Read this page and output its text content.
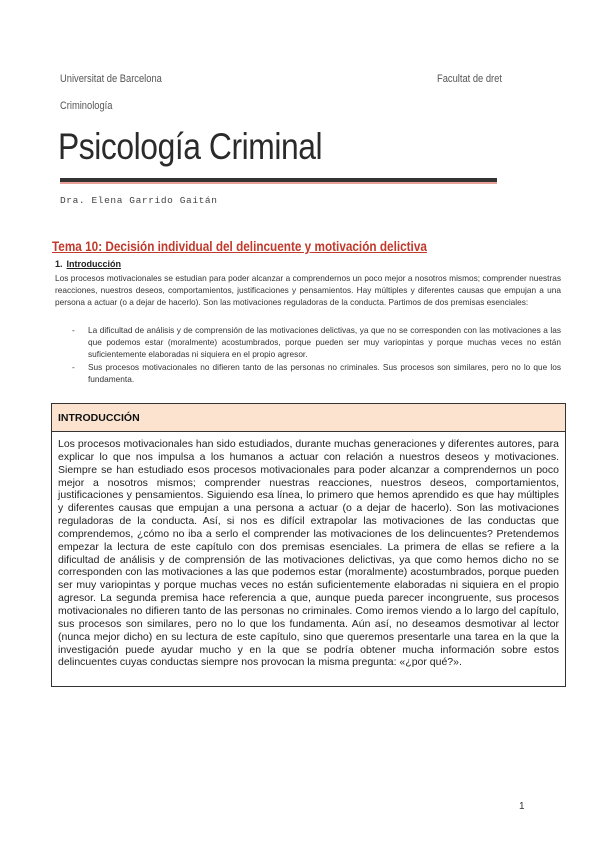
Universitat de Barcelona	Facultat de dret
Criminología
Psicología Criminal
Dra. Elena Garrido Gaitán
Tema 10: Decisión individual del delincuente y motivación delictiva
1. Introducción
Los procesos motivacionales se estudian para poder alcanzar a comprendernos un poco mejor a nosotros mismos; comprender nuestras reacciones, nuestros deseos, comportamientos, justificaciones y pensamientos. Hay múltiples y diferentes causas que empujan a una persona a actuar (o a dejar de hacerlo). Son las motivaciones reguladoras de la conducta. Partimos de dos premisas esenciales:
- La dificultad de análisis y de comprensión de las motivaciones delictivas, ya que no se corresponden con las motivaciones a las que podemos estar (moralmente) acostumbrados, porque pueden ser muy variopintas y porque muchas veces no están suficientemente elaboradas ni siquiera en el propio agresor.
- Sus procesos motivacionales no difieren tanto de las personas no criminales. Sus procesos son similares, pero no lo que los fundamenta.
INTRODUCCIÓN
Los procesos motivacionales han sido estudiados, durante muchas generaciones y diferentes autores, para explicar lo que nos impulsa a los humanos a actuar con relación a nuestros deseos y motivaciones. Siempre se han estudiado esos procesos motivacionales para poder alcanzar a comprendernos un poco mejor a nosotros mismos; comprender nuestras reacciones, nuestros deseos, comportamientos, justificaciones y pensamientos. Siguiendo esa línea, lo primero que hemos aprendido es que hay múltiples y diferentes causas que empujan a una persona a actuar (o a dejar de hacerlo). Son las motivaciones reguladoras de la conducta. Así, si nos es difícil extrapolar las motivaciones de las conductas que comprendemos, ¿cómo no iba a serlo el comprender las motivaciones de los delincuentes? Pretendemos empezar la lectura de este capítulo con dos premisas esenciales. La primera de ellas se refiere a la dificultad de análisis y de comprensión de las motivaciones delictivas, ya que como hemos dicho no se corresponden con las motivaciones a las que podemos estar (moralmente) acostumbrados, porque pueden ser muy variopintas y porque muchas veces no están suficientemente elaboradas ni siquiera en el propio agresor. La segunda premisa hace referencia a que, aunque pueda parecer incongruente, sus procesos motivacionales no difieren tanto de las personas no criminales. Como iremos viendo a lo largo del capítulo, sus procesos son similares, pero no lo que los fundamenta. Aún así, no deseamos desmotivar al lector (nunca mejor dicho) en su lectura de este capítulo, sino que queremos presentarle una tarea en la que la investigación puede ayudar mucho y en la que se podría obtener mucha información sobre estos delincuentes cuyas conductas siempre nos provocan la misma pregunta: «¿por qué?».
1
